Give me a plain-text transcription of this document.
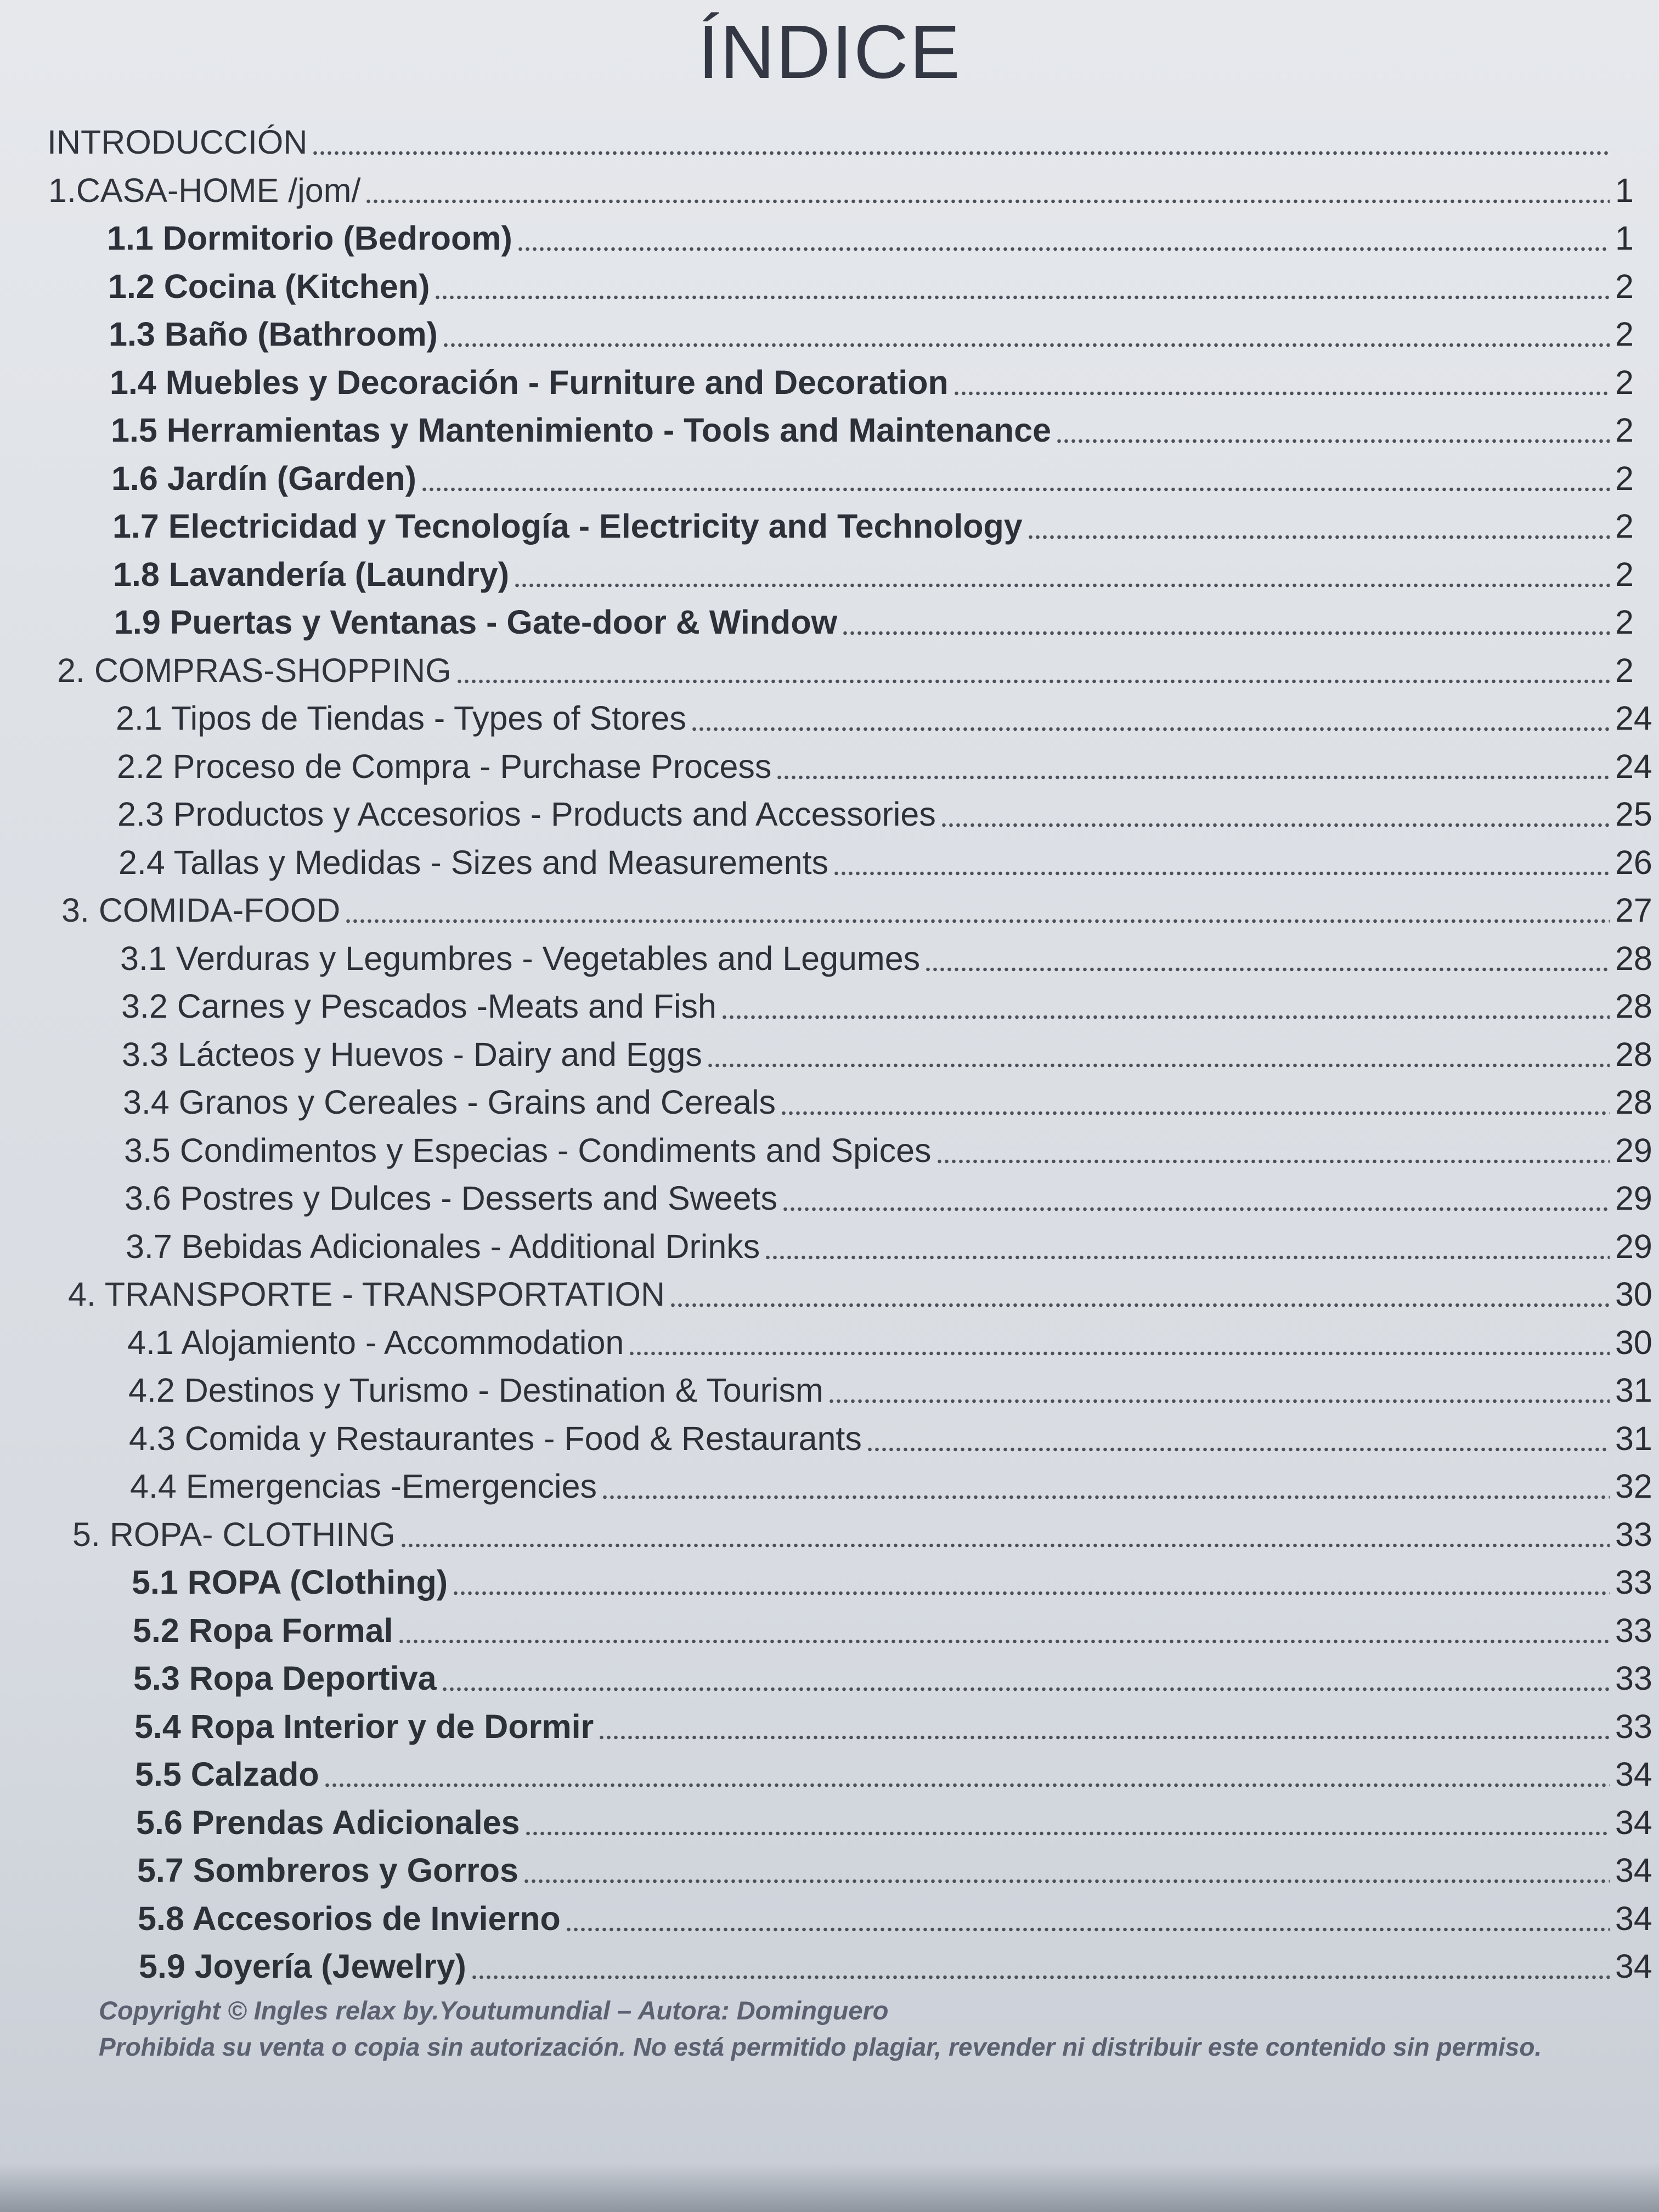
ÍNDICE
INTRODUCCIÓN
1.CASA-HOME /jom/	1
1.1 Dormitorio (Bedroom)	1
1.2 Cocina (Kitchen)	2
1.3 Baño (Bathroom)	2
1.4 Muebles y Decoración - Furniture and Decoration	2
1.5 Herramientas y Mantenimiento - Tools and Maintenance	2
1.6 Jardín (Garden)	2
1.7 Electricidad y Tecnología - Electricity and Technology	2
1.8 Lavandería (Laundry)	2
1.9 Puertas y Ventanas - Gate-door & Window	2
2. COMPRAS-SHOPPING	2
2.1 Tipos de Tiendas - Types of Stores	24
2.2 Proceso de Compra - Purchase Process	24
2.3 Productos y Accesorios - Products and Accessories	25
2.4 Tallas y Medidas - Sizes and Measurements	26
3. COMIDA-FOOD	27
3.1 Verduras y Legumbres - Vegetables and Legumes	28
3.2 Carnes y Pescados -Meats and Fish	28
3.3 Lácteos y Huevos - Dairy and Eggs	28
3.4 Granos y Cereales - Grains and Cereals	28
3.5 Condimentos y Especias - Condiments and Spices	29
3.6 Postres y Dulces - Desserts and Sweets	29
3.7 Bebidas Adicionales - Additional Drinks	29
4. TRANSPORTE - TRANSPORTATION	30
4.1 Alojamiento - Accommodation	30
4.2 Destinos y Turismo - Destination & Tourism	31
4.3 Comida y Restaurantes - Food & Restaurants	31
4.4 Emergencias -Emergencies	32
5. ROPA- CLOTHING	33
5.1 ROPA (Clothing)	33
5.2 Ropa Formal	33
5.3 Ropa Deportiva	33
5.4 Ropa Interior y de Dormir	33
5.5 Calzado	34
5.6 Prendas Adicionales	34
5.7 Sombreros y Gorros	34
5.8 Accesorios de Invierno	34
5.9 Joyería (Jewelry)	34
Copyright © Ingles relax by.Youtumundial – Autora: Dominguero
Prohibida su venta o copia sin autorización. No está permitido plagiar, revender ni distribuir este contenido sin permiso.
